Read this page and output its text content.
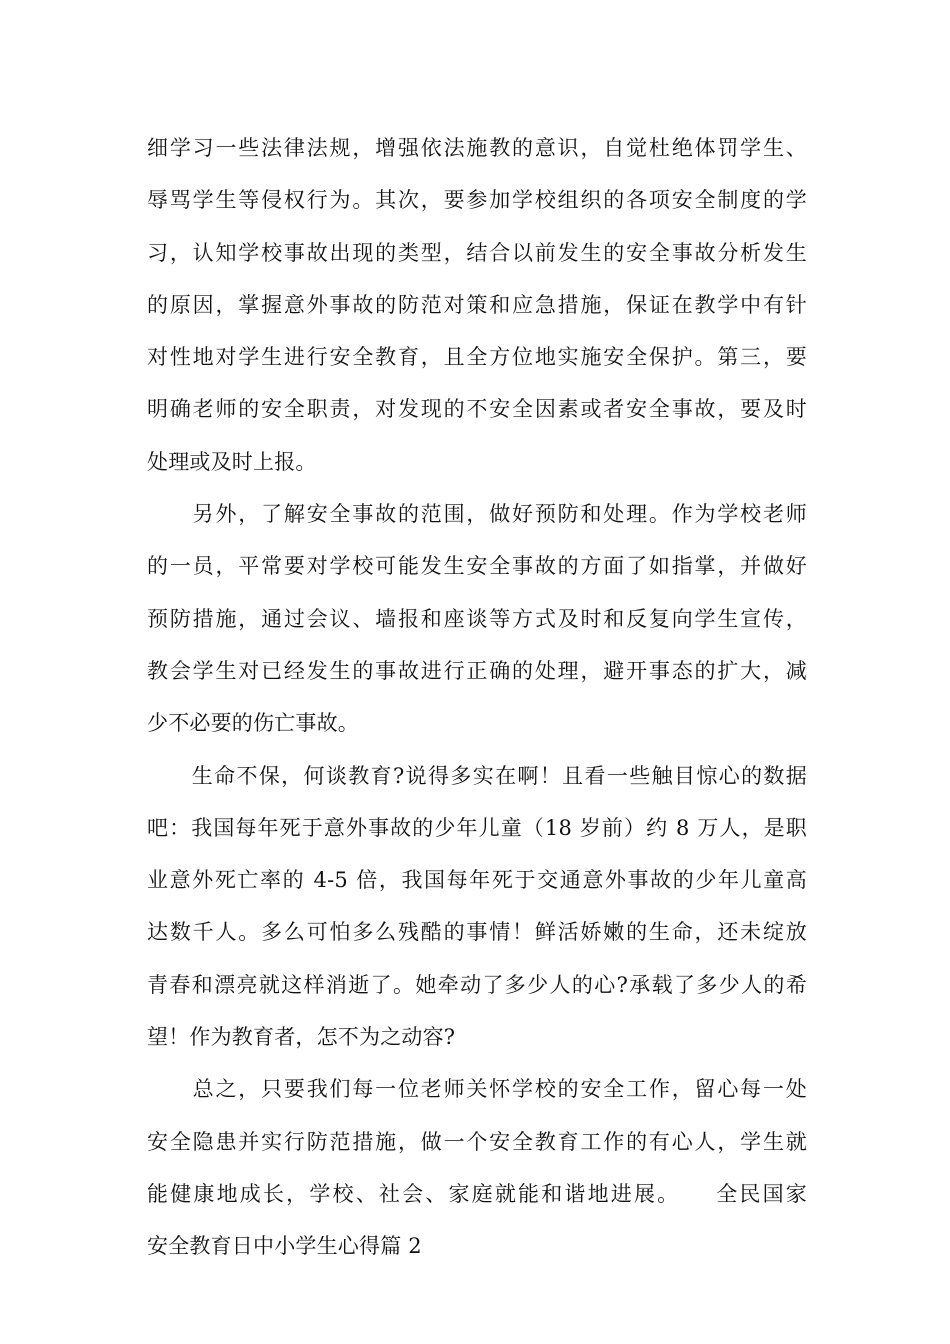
细学习一些法律法规，增强依法施教的意识，自觉杜绝体罚学生、
辱骂学生等侵权行为。其次，要参加学校组织的各项安全制度的学
习，认知学校事故出现的类型，结合以前发生的安全事故分析发生
的原因，掌握意外事故的防范对策和应急措施，保证在教学中有针
对性地对学生进行安全教育，且全方位地实施安全保护。第三，要
明确老师的安全职责，对发现的不安全因素或者安全事故，要及时
处理或及时上报。
　　另外，了解安全事故的范围，做好预防和处理。作为学校老师
的一员，平常要对学校可能发生安全事故的方面了如指掌，并做好
预防措施，通过会议、墙报和座谈等方式及时和反复向学生宣传，
教会学生对已经发生的事故进行正确的处理，避开事态的扩大，减
少不必要的伤亡事故。
　　生命不保，何谈教育?说得多实在啊！且看一些触目惊心的数据
吧：我国每年死于意外事故的少年儿童（18 岁前）约 8 万人，是职
业意外死亡率的 4-5 倍，我国每年死于交通意外事故的少年儿童高
达数千人。多么可怕多么残酷的事情！鲜活娇嫩的生命，还未绽放
青春和漂亮就这样消逝了。她牵动了多少人的心?承载了多少人的希
望！作为教育者，怎不为之动容?
　　总之，只要我们每一位老师关怀学校的安全工作，留心每一处
安全隐患并实行防范措施，做一个安全教育工作的有心人，学生就
能健康地成长，学校、社会、家庭就能和谐地进展。　　全民国家
安全教育日中小学生心得篇 2
